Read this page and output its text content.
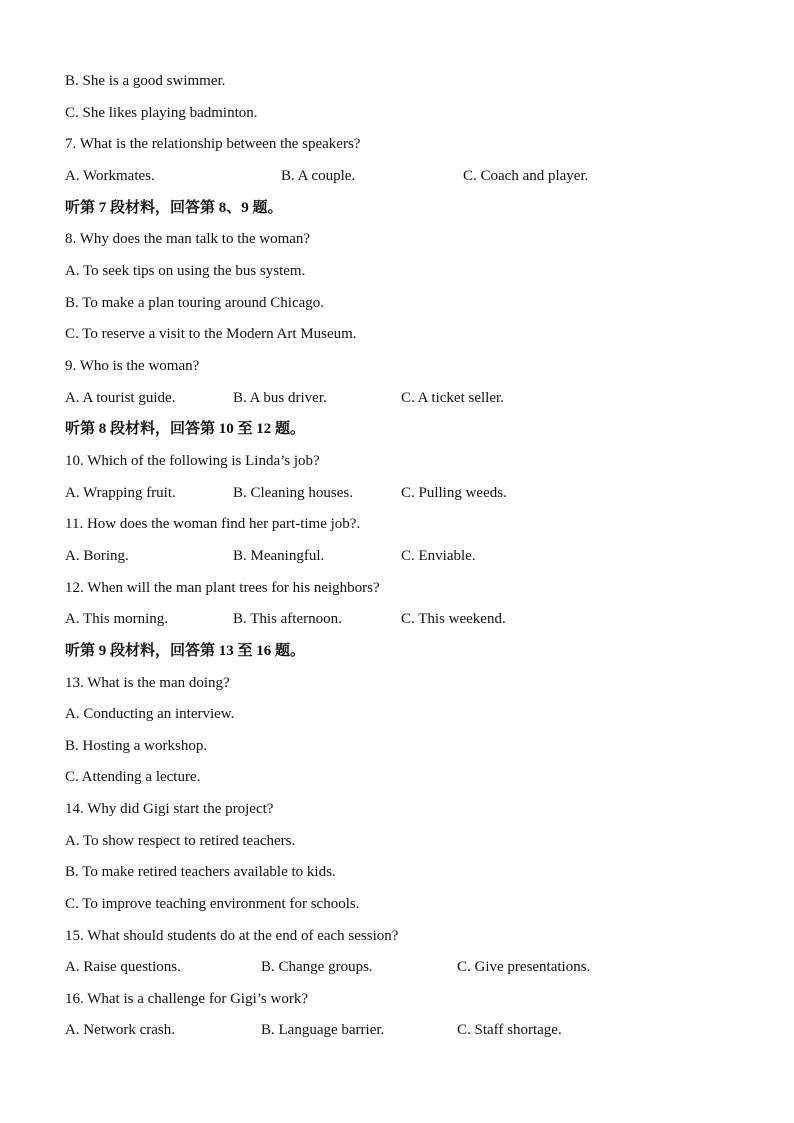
B. She is a good swimmer.
C. She likes playing badminton.
7. What is the relationship between the speakers?
A. Workmates.	B. A couple.	C. Coach and player.
听第 7 段材料，回答第 8、9 题。
8. Why does the man talk to the woman?
A. To seek tips on using the bus system.
B. To make a plan touring around Chicago.
C. To reserve a visit to the Modern Art Museum.
9. Who is the woman?
A. A tourist guide.	B. A bus driver.	C. A ticket seller.
听第 8 段材料，回答第 10 至 12 题。
10. Which of the following is Linda’s job?
A. Wrapping fruit.	B. Cleaning houses.	C. Pulling weeds.
11. How does the woman find her part-time job?.
A. Boring.	B. Meaningful.	C. Enviable.
12. When will the man plant trees for his neighbors?
A. This morning.	B. This afternoon.	C. This weekend.
听第 9 段材料，回答第 13 至 16 题。
13. What is the man doing?
A. Conducting an interview.
B. Hosting a workshop.
C. Attending a lecture.
14. Why did Gigi start the project?
A. To show respect to retired teachers.
B. To make retired teachers available to kids.
C. To improve teaching environment for schools.
15. What should students do at the end of each session?
A. Raise questions.	B. Change groups.	C. Give presentations.
16. What is a challenge for Gigi’s work?
A. Network crash.	B. Language barrier.	C. Staff shortage.
